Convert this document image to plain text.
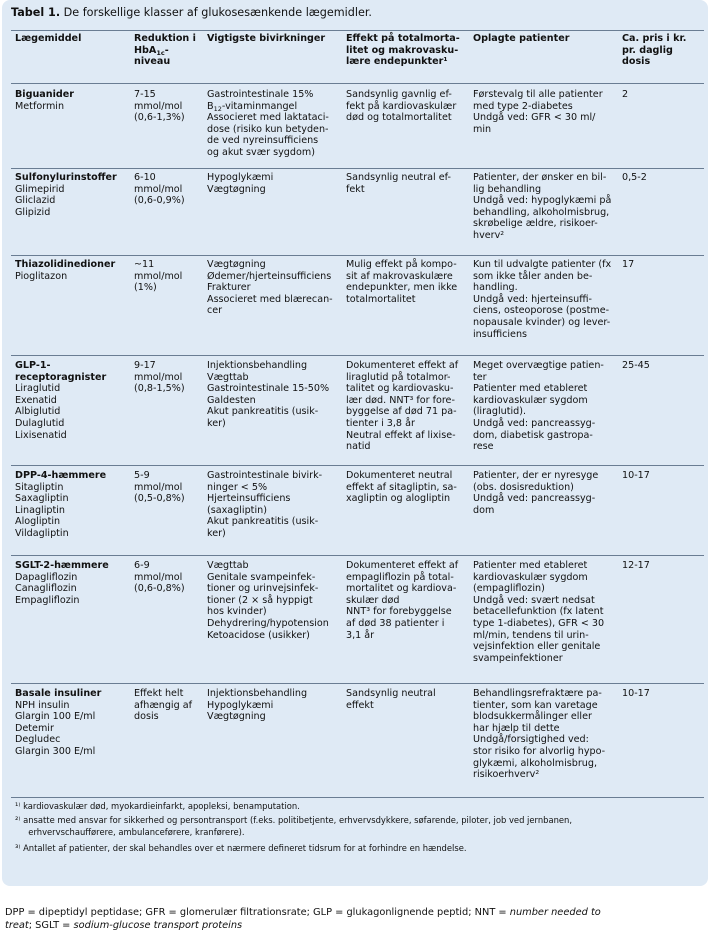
Tabel 1. De forskellige klasser af glukosesænkende lægemidler.
Lægemiddel	Reduktion i
HbA$_{1c}$-
niveau
Vigtigste bivirkninger Effekt på totalmorta-
litet og makrovasku-
lære endepunkter¹
Oplagte patienter	Ca. pris i kr.
pr. daglig
dosis
Biguanider
Metformin
7-15
mmol/mol
(0,6-1,3%)
Gastrointestinale 15%
$B_{12}$-vitaminmangel
Associeret med laktataci-
dose (risiko kun betyden-
de ved nyreinsufficiens
og akut svær sygdom)
Sandsynlig gavnlig ef-
fekt på kardiovaskulær
død og totalmortalitet
Førstevalg til alle patienter
med type 2-diabetes
Undgå ved: GFR < 30 ml/
min
2
Sulfonylurinstoffer
Glimepirid
Gliclazid
Glipizid
6-10
mmol/mol
(0,6-0,9%)
Hypoglykæmi
Vægtøgning
Sandsynlig neutral ef-
fekt
Patienter, der ønsker en bil-
lig behandling
Undgå ved: hypoglykæmi på
behandling, alkoholmisbrug,
skrøbelige ældre, risikoer-
hverv²
0,5-2
Thiazolidinedioner
Pioglitazon
~11
mmol/mol
(1%)
Vægtøgning
Ødemer/hjerteinsufficiens
Frakturer
Associeret med blærecan-
cer
Mulig effekt på kompo-
sit af makrovaskulære
endepunkter, men ikke
totalmortalitet
Kun til udvalgte patienter (fx
som ikke tåler anden be-
handling.
Undgå ved: hjerteinsuffi-
ciens, osteoporose (postme-
nopausale kvinder) og lever-
insufficiens
17
GLP-1-
receptoragnister
Liraglutid
Exenatid
Albiglutid
Dulaglutid
Lixisenatid
9-17
mmol/mol
(0,8-1,5%)
Injektionsbehandling
Vægttab
Gastrointestinale 15-50%
Galdesten
Akut pankreatitis (usik-
ker)
Dokumenteret effekt af
liraglutid på totalmor-
talitet og kardiovasku-
lær død. NNT³ for fore-
byggelse af død 71 pa-
tienter i 3,8 år
Neutral effekt af lixise-
natid
Meget overvægtige patien-
ter
Patienter med etableret
kardiovaskulær sygdom
(liraglutid).
Undgå ved: pancreassyg-
dom, diabetisk gastropa-
rese
25-45
DPP-4-hæmmere
Sitagliptin
Saxagliptin
Linagliptin
Alogliptin
Vildagliptin
5-9
mmol/mol
(0,5-0,8%)
Gastrointestinale bivirk-
ninger < 5%
Hjerteinsufficiens
(saxagliptin)
Akut pankreatitis (usik-
ker)
Dokumenteret neutral
effekt af sitagliptin, sa-
xagliptin og alogliptin
Patienter, der er nyresyge
(obs. dosisreduktion)
Undgå ved: pancreassyg-
dom
10-17
SGLT-2-hæmmere
Dapagliflozin
Canagliflozin
Empagliflozin
6-9
mmol/mol
(0,6-0,8%)
Vægttab
Genitale svampeinfek-
tioner og urinvejsinfek-
tioner (2 × så hyppigt
hos kvinder)
Dehydrering/hypotension
Ketoacidose (usikker)
Dokumenteret effekt af
empagliflozin på total-
mortalitet og kardiova-
skulær død
NNT³ for forebyggelse
af død 38 patienter i
3,1 år
Patienter med etableret
kardiovaskulær sygdom
(empagliflozin)
Undgå ved: svært nedsat
betacellefunktion (fx latent
type 1-diabetes), GFR < 30
ml/min, tendens til urin-
vejsinfektion eller genitale
svampeinfektioner
12-17
Basale insuliner
NPH insulin
Glargin 100 E/ml
Detemir
Degludec
Glargin 300 E/ml
Effekt helt
afhængig af
dosis
Injektionsbehandling
Hypoglykæmi
Vægtøgning
Sandsynlig neutral
effekt
Behandlingsrefraktære pa-
tienter, som kan varetage
blodsukkermålinger eller
har hjælp til dette
Undgå/forsigtighed ved:
stor risiko for alvorlig hypo-
glykæmi, alkoholmisbrug,
risikoerhverv²
10-17
¹⁾ kardiovaskulær død, myokardieinfarkt, apopleksi, benamputation.
²⁾ ansatte med ansvar for sikkerhed og persontransport (f.eks. politibetjente, erhvervsdykkere, søfarende, piloter, job ved jernbanen,
erhvervschaufførere, ambulanceførere, kranførere).
³⁾ Antallet af patienter, der skal behandles over et nærmere defineret tidsrum for at forhindre en hændelse.
DPP = dipeptidyl peptidase; GFR = glomerulær filtrationsrate; GLP = glukagonlignende peptid; NNT = number needed to
treat; SGLT = sodium-glucose transport proteins
